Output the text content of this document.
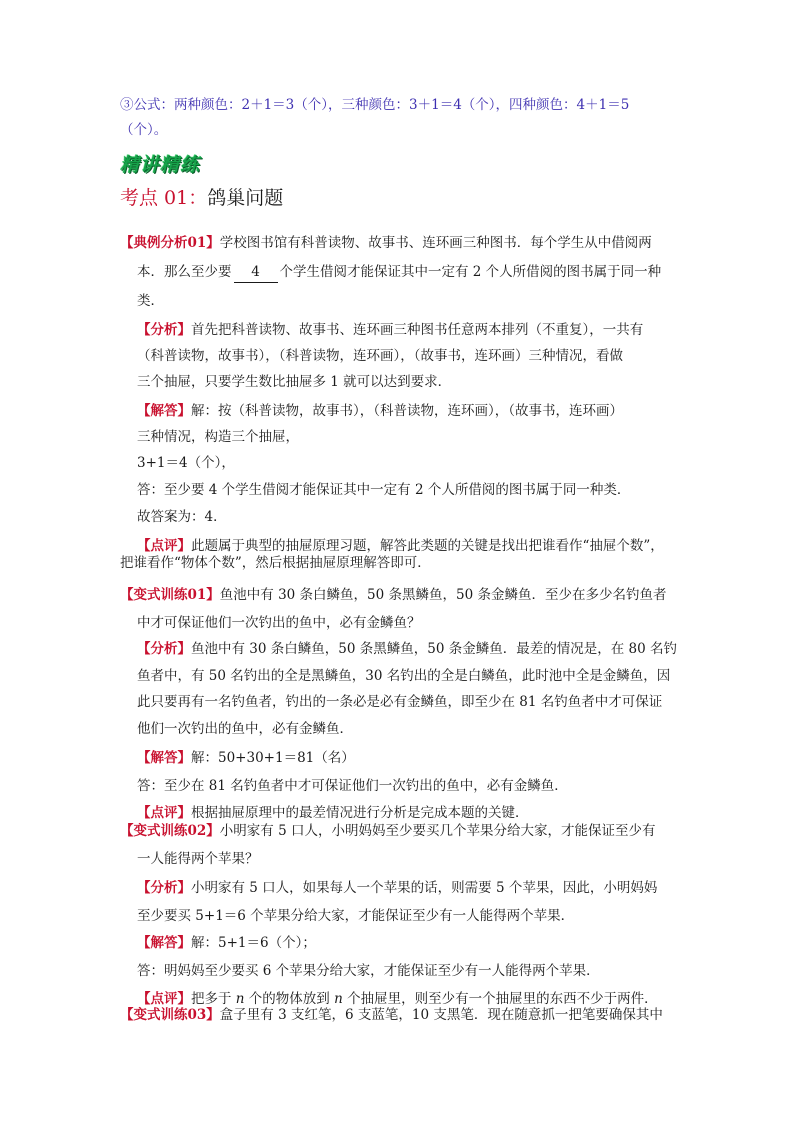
③公式：两种颜色：2＋1＝3（个），三种颜色：3＋1＝4（个），四种颜色：4＋1＝5
（个）。
精讲精练
考点 01：鸽巢问题
【典例分析01】学校图书馆有科普读物、故事书、连环画三种图书．每个学生从中借阅两
本．那么至少要 4 个学生借阅才能保证其中一定有 2 个人所借阅的图书属于同一种
类．
【分析】首先把科普读物、故事书、连环画三种图书任意两本排列（不重复），一共有
（科普读物，故事书），（科普读物，连环画），（故事书，连环画）三种情况，看做
三个抽屉，只要学生数比抽屉多 1 就可以达到要求．
【解答】解：按（科普读物，故事书），（科普读物，连环画），（故事书，连环画）
三种情况，构造三个抽屉，
3+1＝4（个），
答：至少要 4 个学生借阅才能保证其中一定有 2 个人所借阅的图书属于同一种类．
故答案为：4．
【点评】此题属于典型的抽屉原理习题，解答此类题的关键是找出把谁看作“抽屉个数”，
把谁看作“物体个数”，然后根据抽屉原理解答即可．
【变式训练01】鱼池中有 30 条白鳞鱼，50 条黑鳞鱼，50 条金鳞鱼．至少在多少名钓鱼者
中才可保证他们一次钓出的鱼中，必有金鳞鱼？
【分析】鱼池中有 30 条白鳞鱼，50 条黑鳞鱼，50 条金鳞鱼．最差的情况是，在 80 名钓
鱼者中，有 50 名钓出的全是黑鳞鱼，30 名钓出的全是白鳞鱼，此时池中全是金鳞鱼，因
此只要再有一名钓鱼者，钓出的一条必是必有金鳞鱼，即至少在 81 名钓鱼者中才可保证
他们一次钓出的鱼中，必有金鳞鱼．
【解答】解：50+30+1＝81（名）
答：至少在 81 名钓鱼者中才可保证他们一次钓出的鱼中，必有金鳞鱼．
【点评】根据抽屉原理中的最差情况进行分析是完成本题的关键．
【变式训练02】小明家有 5 口人，小明妈妈至少要买几个苹果分给大家，才能保证至少有
一人能得两个苹果？
【分析】小明家有 5 口人，如果每人一个苹果的话，则需要 5 个苹果，因此，小明妈妈
至少要买 5+1＝6 个苹果分给大家，才能保证至少有一人能得两个苹果．
【解答】解：5+1＝6（个）；
答：明妈妈至少要买 6 个苹果分给大家，才能保证至少有一人能得两个苹果．
【点评】把多于 n 个的物体放到 n 个抽屉里，则至少有一个抽屉里的东西不少于两件．
【变式训练03】盒子里有 3 支红笔，6 支蓝笔，10 支黑笔．现在随意抓一把笔要确保其中
